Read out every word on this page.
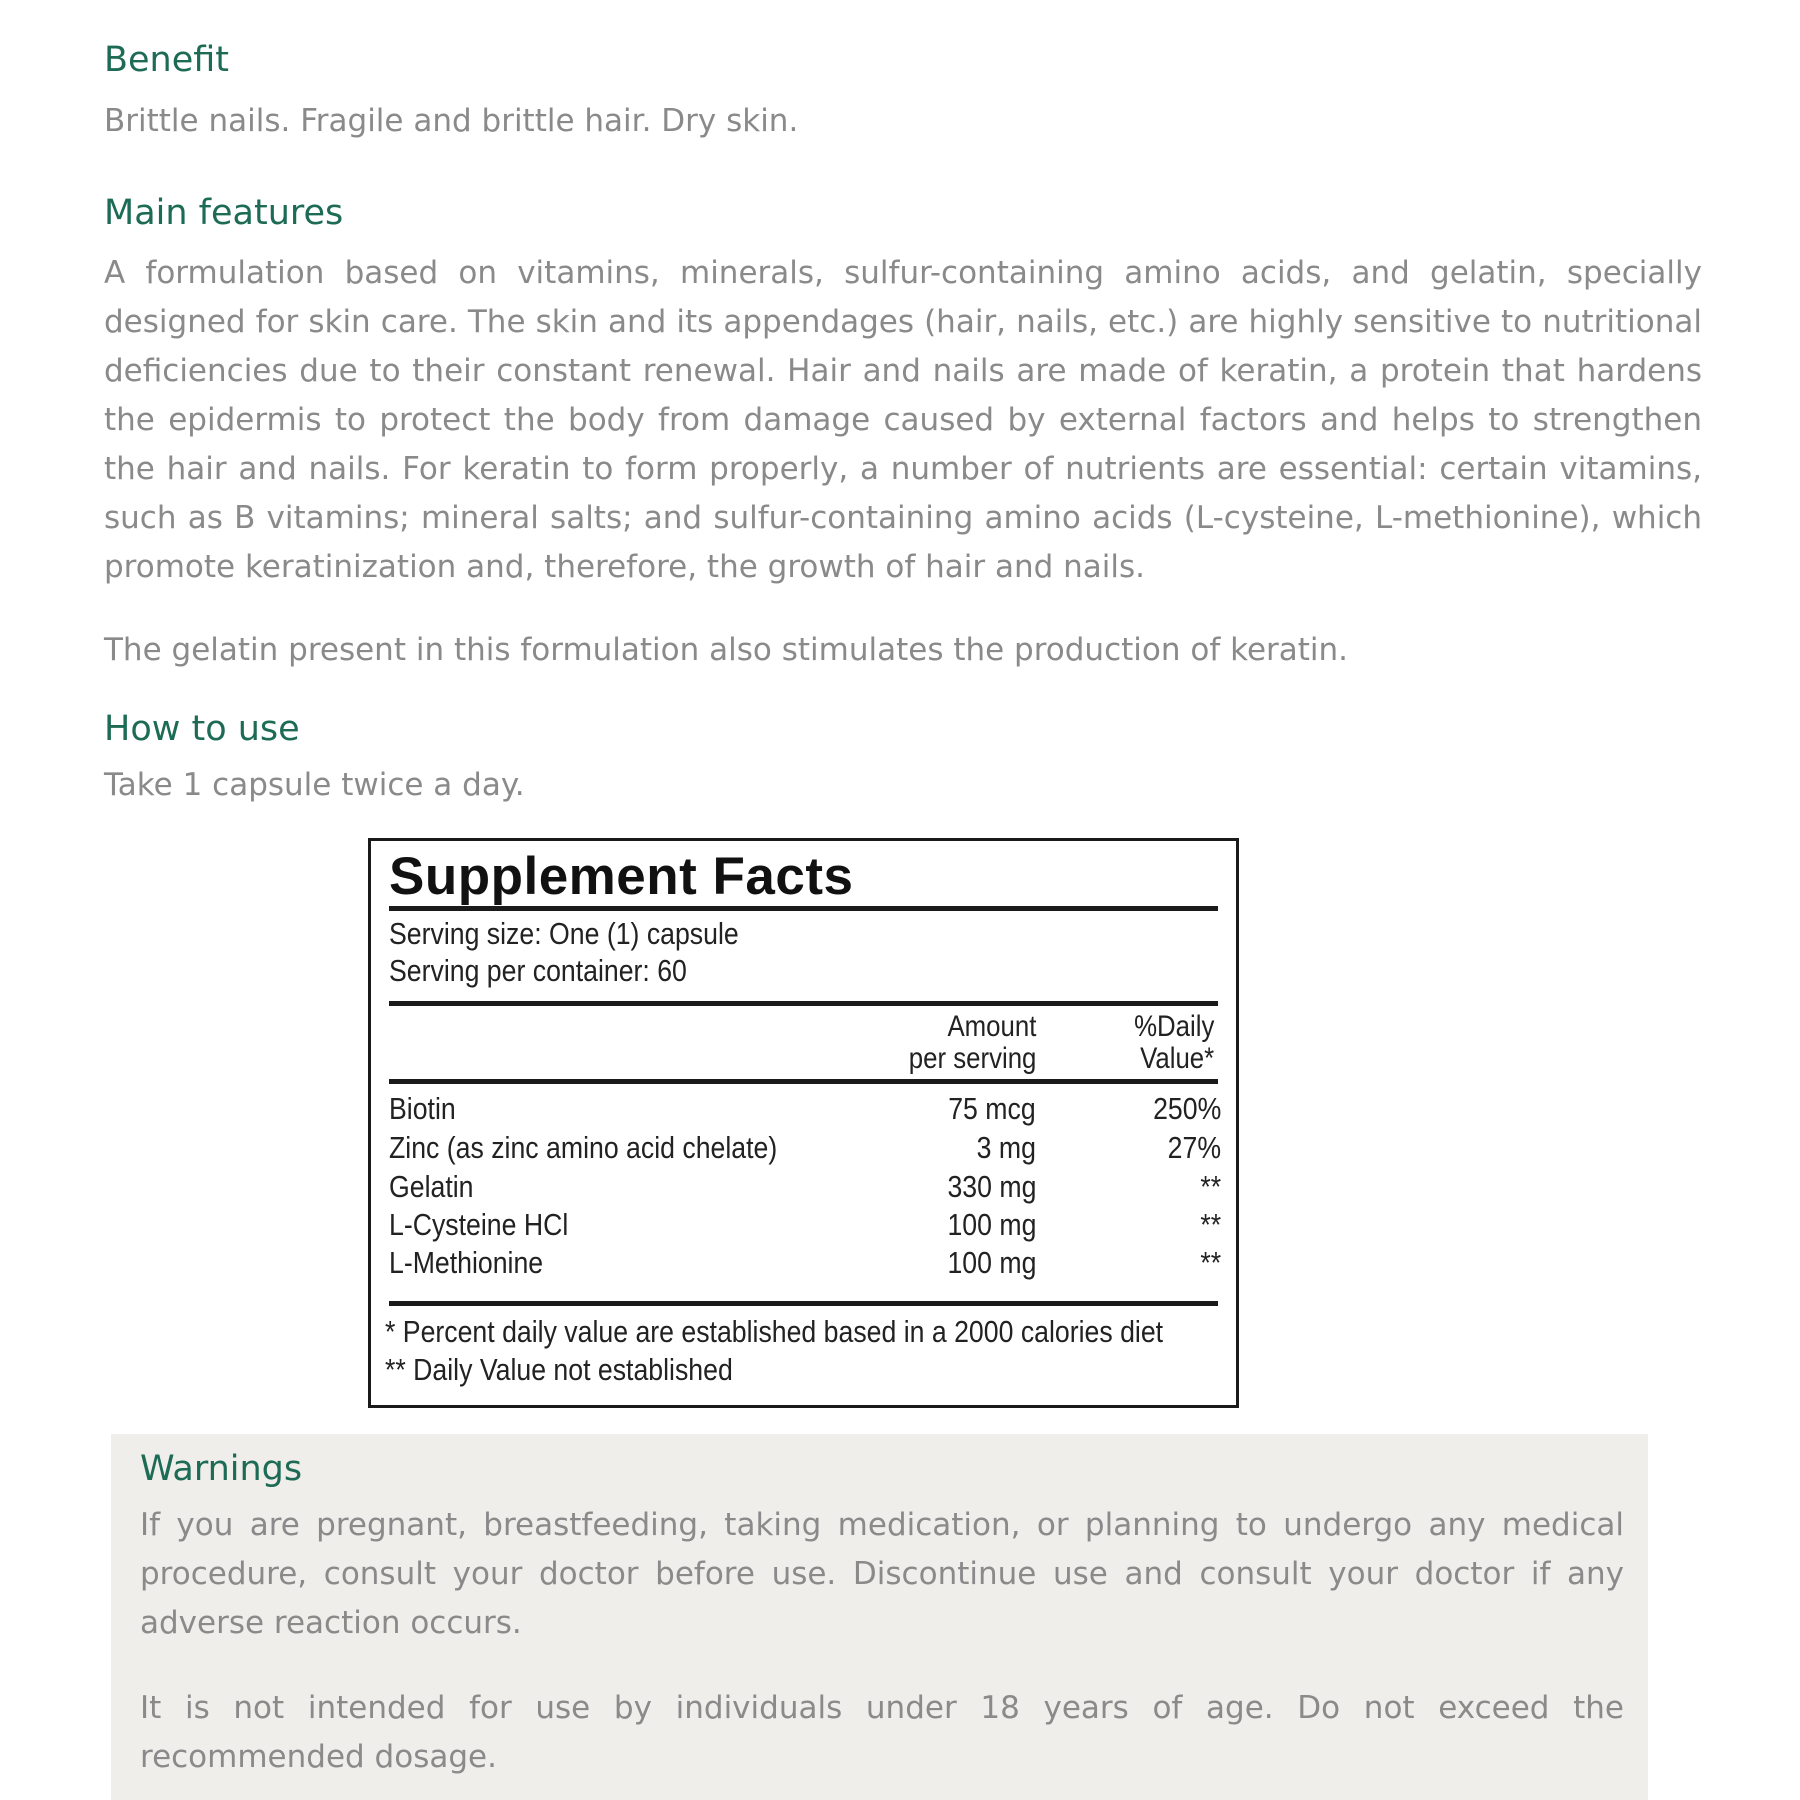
Benefit

Brittle nails. Fragile and brittle hair. Dry skin.

Main features

A formulation based on vitamins, minerals, sulfur-containing amino acids, and gelatin, specially designed for skin care. The skin and its appendages (hair, nails, etc.) are highly sensitive to nutritional deficiencies due to their constant renewal. Hair and nails are made of keratin, a protein that hardens the epidermis to protect the body from damage caused by external factors and helps to strengthen the hair and nails. For keratin to form properly, a number of nutrients are essential: certain vitamins, such as B vitamins; mineral salts; and sulfur-containing amino acids (L-cysteine, L-methionine), which promote keratinization and, therefore, the growth of hair and nails.

The gelatin present in this formulation also stimulates the production of keratin.

How to use

Take 1 capsule twice a day.

Supplement Facts
Serving size: One (1) capsule
Serving per container: 60
Amount
per serving
%Daily
Value*
Biotin	75 mcg	250%
Zinc (as zinc amino acid chelate)	3 mg	27%
Gelatin	330 mg	**
L-Cysteine HCl	100 mg	**
L-Methionine	100 mg	**
* Percent daily value are established based in a 2000 calories diet
** Daily Value not established
Warnings

If you are pregnant, breastfeeding, taking medication, or planning to undergo any medical procedure, consult your doctor before use. Discontinue use and consult your doctor if any adverse reaction occurs.

It is not intended for use by individuals under 18 years of age. Do not exceed the recommended dosage.
